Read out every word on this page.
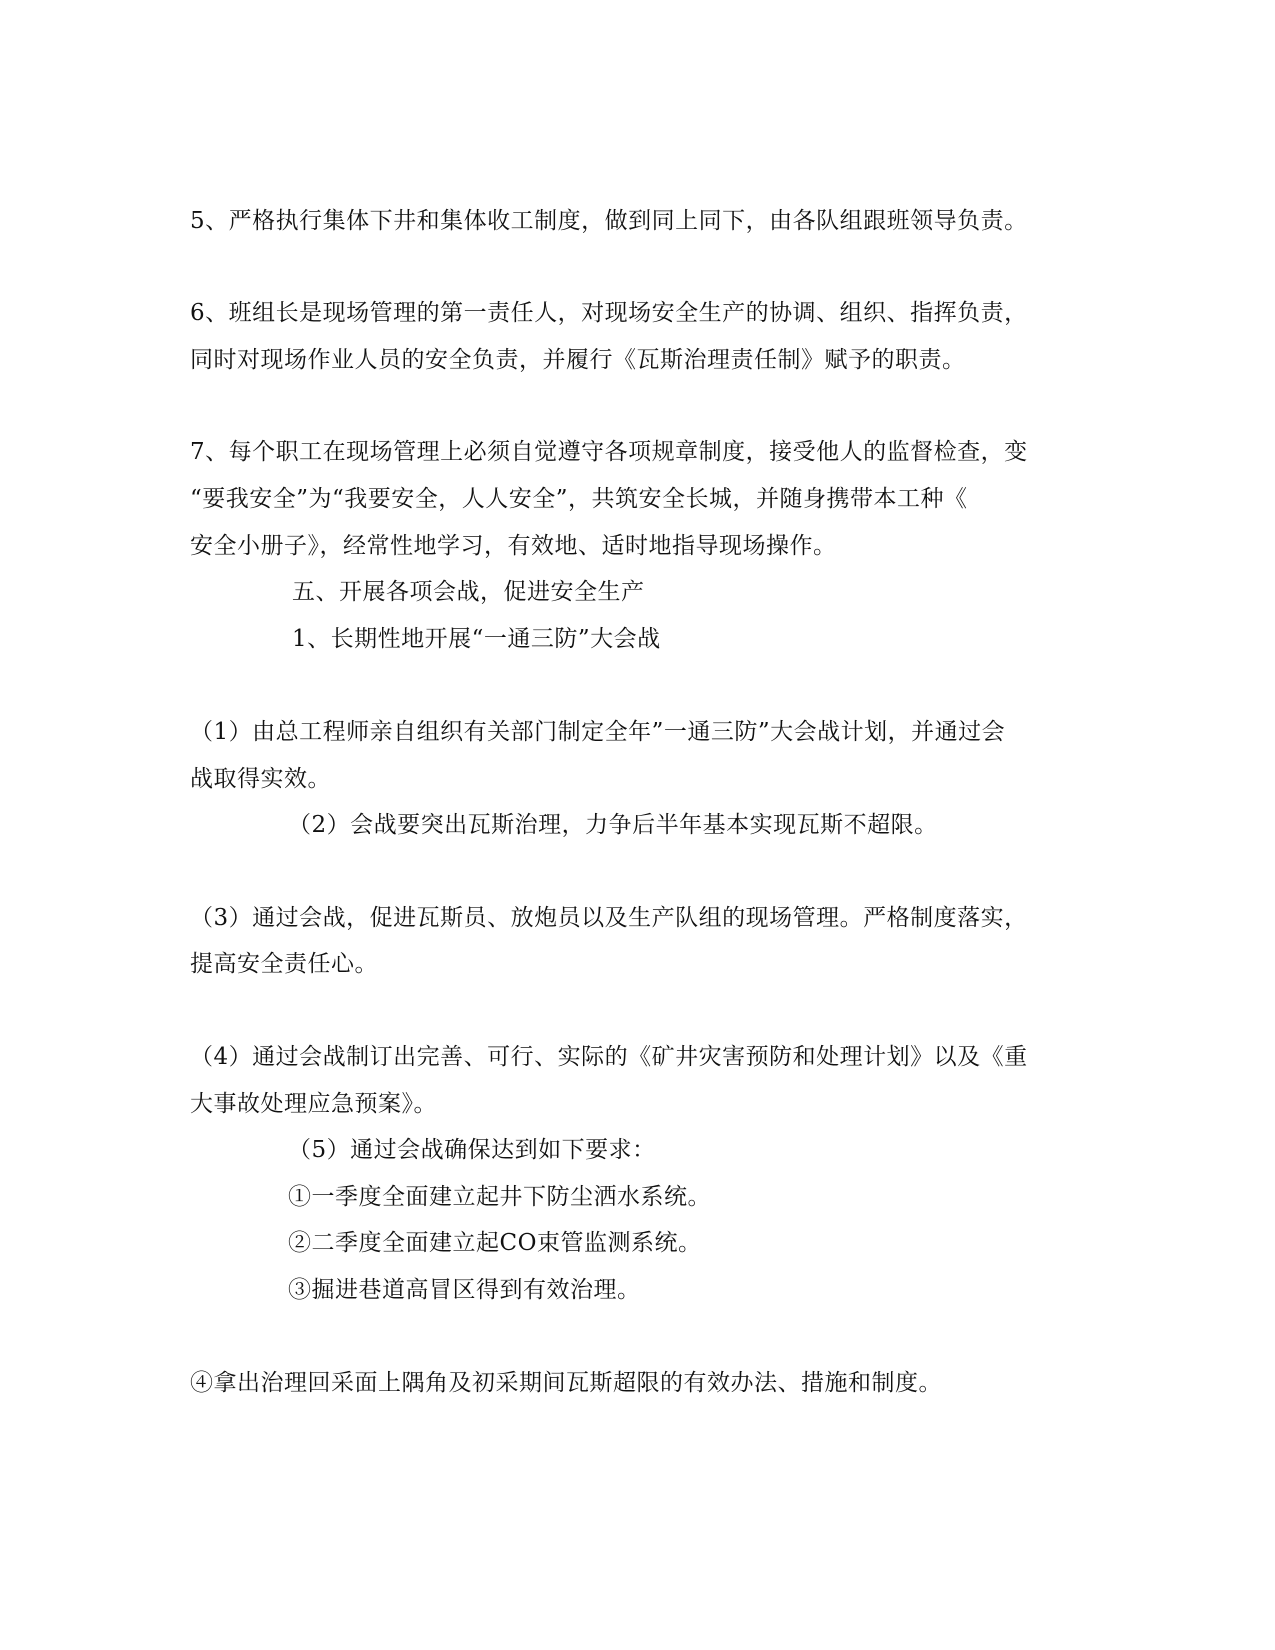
5、严格执行集体下井和集体收工制度，做到同上同下，由各队组跟班领导负责。
6、班组长是现场管理的第一责任人，对现场安全生产的协调、组织、指挥负责，
同时对现场作业人员的安全负责，并履行《瓦斯治理责任制》赋予的职责。
7、每个职工在现场管理上必须自觉遵守各项规章制度，接受他人的监督检查，变
“要我安全”为“我要安全，人人安全”，共筑安全长城，并随身携带本工种《
安全小册子》，经常性地学习，有效地、适时地指导现场操作。
五、开展各项会战，促进安全生产
1、长期性地开展“一通三防”大会战
（1）由总工程师亲自组织有关部门制定全年”一通三防”大会战计划，并通过会
战取得实效。
（2）会战要突出瓦斯治理，力争后半年基本实现瓦斯不超限。
（3）通过会战，促进瓦斯员、放炮员以及生产队组的现场管理。严格制度落实，
提高安全责任心。
（4）通过会战制订出完善、可行、实际的《矿井灾害预防和处理计划》以及《重
大事故处理应急预案》。
（5）通过会战确保达到如下要求：
①一季度全面建立起井下防尘洒水系统。
②二季度全面建立起CO束管监测系统。
③掘进巷道高冒区得到有效治理。
④拿出治理回采面上隅角及初采期间瓦斯超限的有效办法、措施和制度。
